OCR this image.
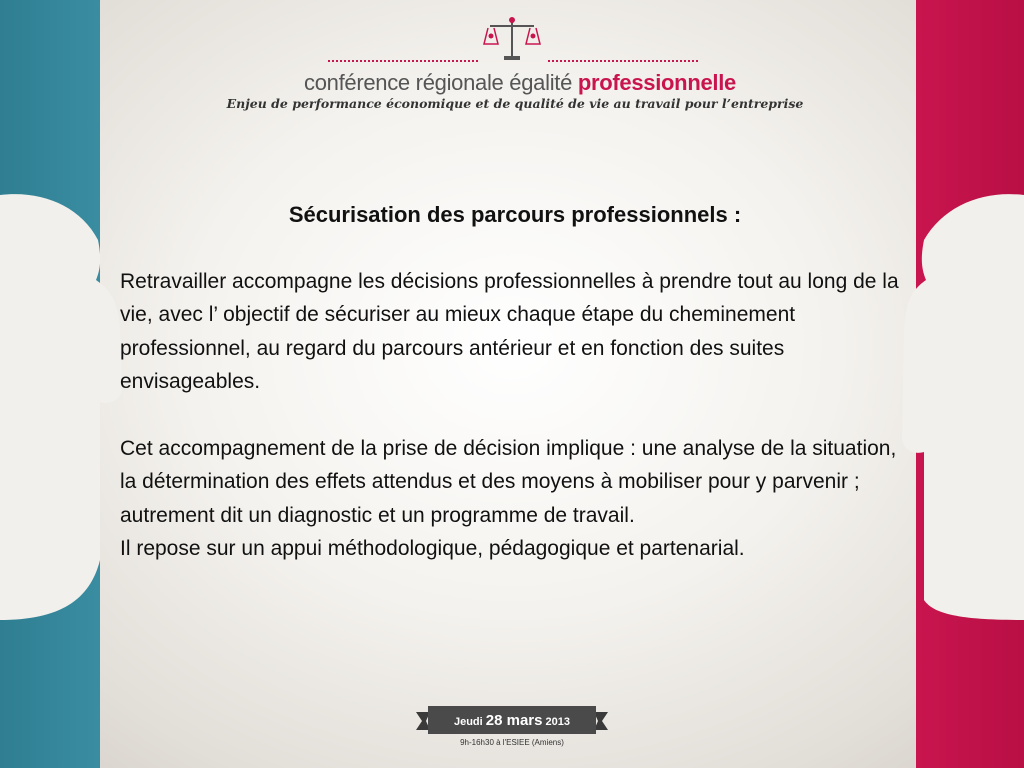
conférence régionale égalité professionnelle
Enjeu de performance économique et de qualité de vie au travail pour l’entreprise
Sécurisation des parcours professionnels :

Retravailler accompagne les décisions professionnelles à prendre tout au long de la vie, avec l’ objectif de sécuriser au mieux chaque étape du cheminement professionnel, au regard du parcours antérieur et en fonction des suites envisageables.

Cet accompagnement de la prise de décision implique : une analyse de la situation, la détermination des effets attendus et des moyens à mobiliser pour y parvenir ; autrement dit un diagnostic et un programme de travail.

Il repose sur un appui méthodologique, pédagogique et partenarial.

Jeudi 28 mars 2013
9h-16h30 à l'ESIEE (Amiens)
